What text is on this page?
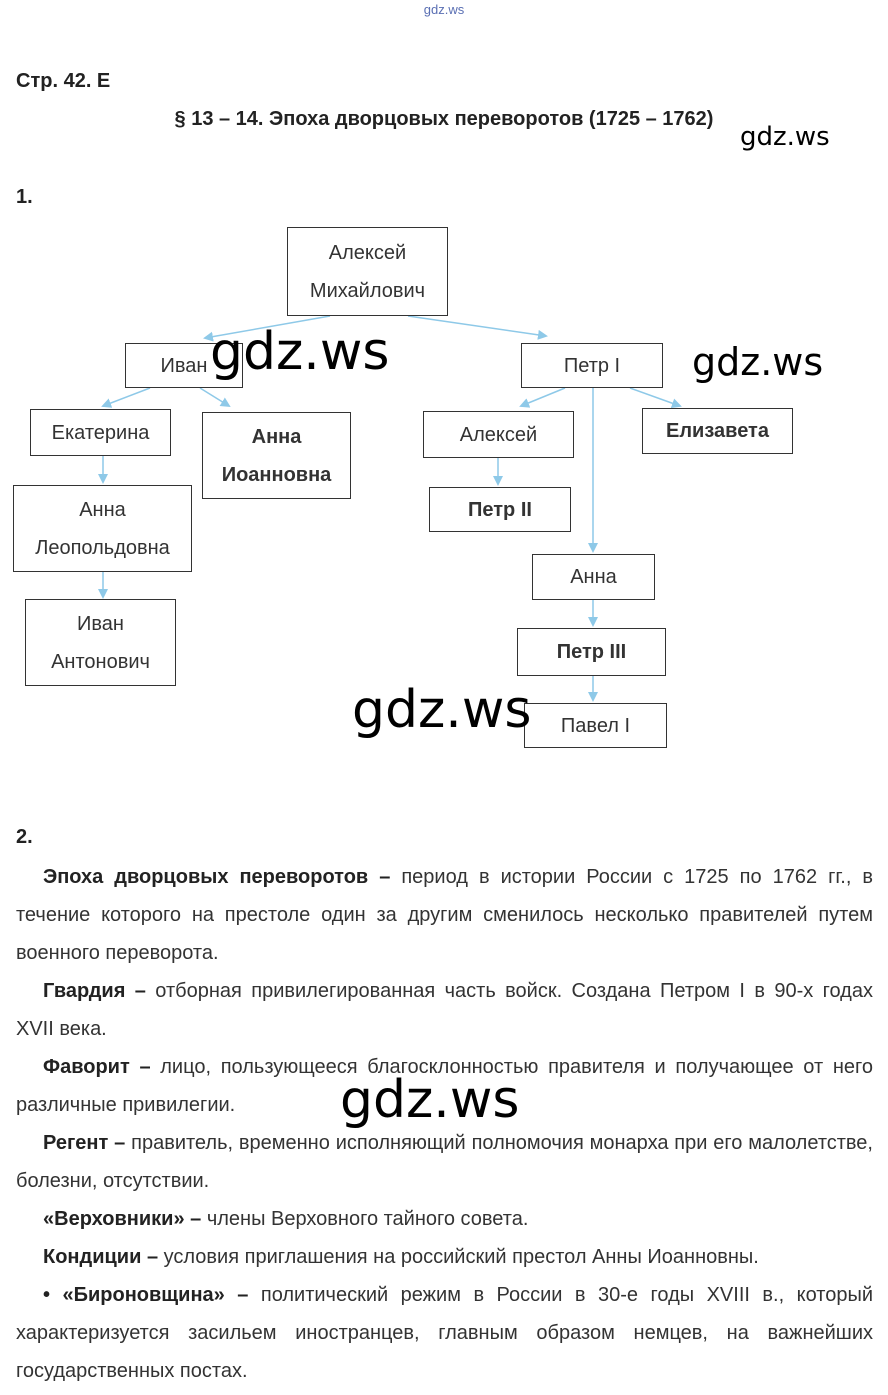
gdz.ws
Стр. 42. Е
§ 13 – 14. Эпоха дворцовых переворотов (1725 – 1762)
1.
Алексей
Михайлович
Иван	Петр I
Екатерина	Анна
Иоанновна
Алексей	Елизавета
Анна
Леопольдовна
Петр II
Анна
Иван
Антонович	Петр III
Павел I
2.

Эпоха дворцовых переворотов – период в истории России с 1725 по 1762 гг., в течение которого на престоле один за другим сменилось несколько правителей путем военного переворота.

Гвардия – отборная привилегированная часть войск. Создана Петром I в 90-х годах XVII века.

Фаворит – лицо, пользующееся благосклонностью правителя и получающее от него различные привилегии.

Регент – правитель, временно исполняющий полномочия монарха при его малолетстве, болезни, отсутствии.

«Верховники» – члены Верховного тайного совета.

Кондиции – условия приглашения на российский престол Анны Иоанновны.

• «Бироновщина» – политический режим в России в 30-е годы XVIII в., который характеризуется засильем иностранцев, главным образом немцев, на важнейших государственных постах.

gdz.ws
gdz.ws	gdz.ws
gdz.ws
gdz.ws
